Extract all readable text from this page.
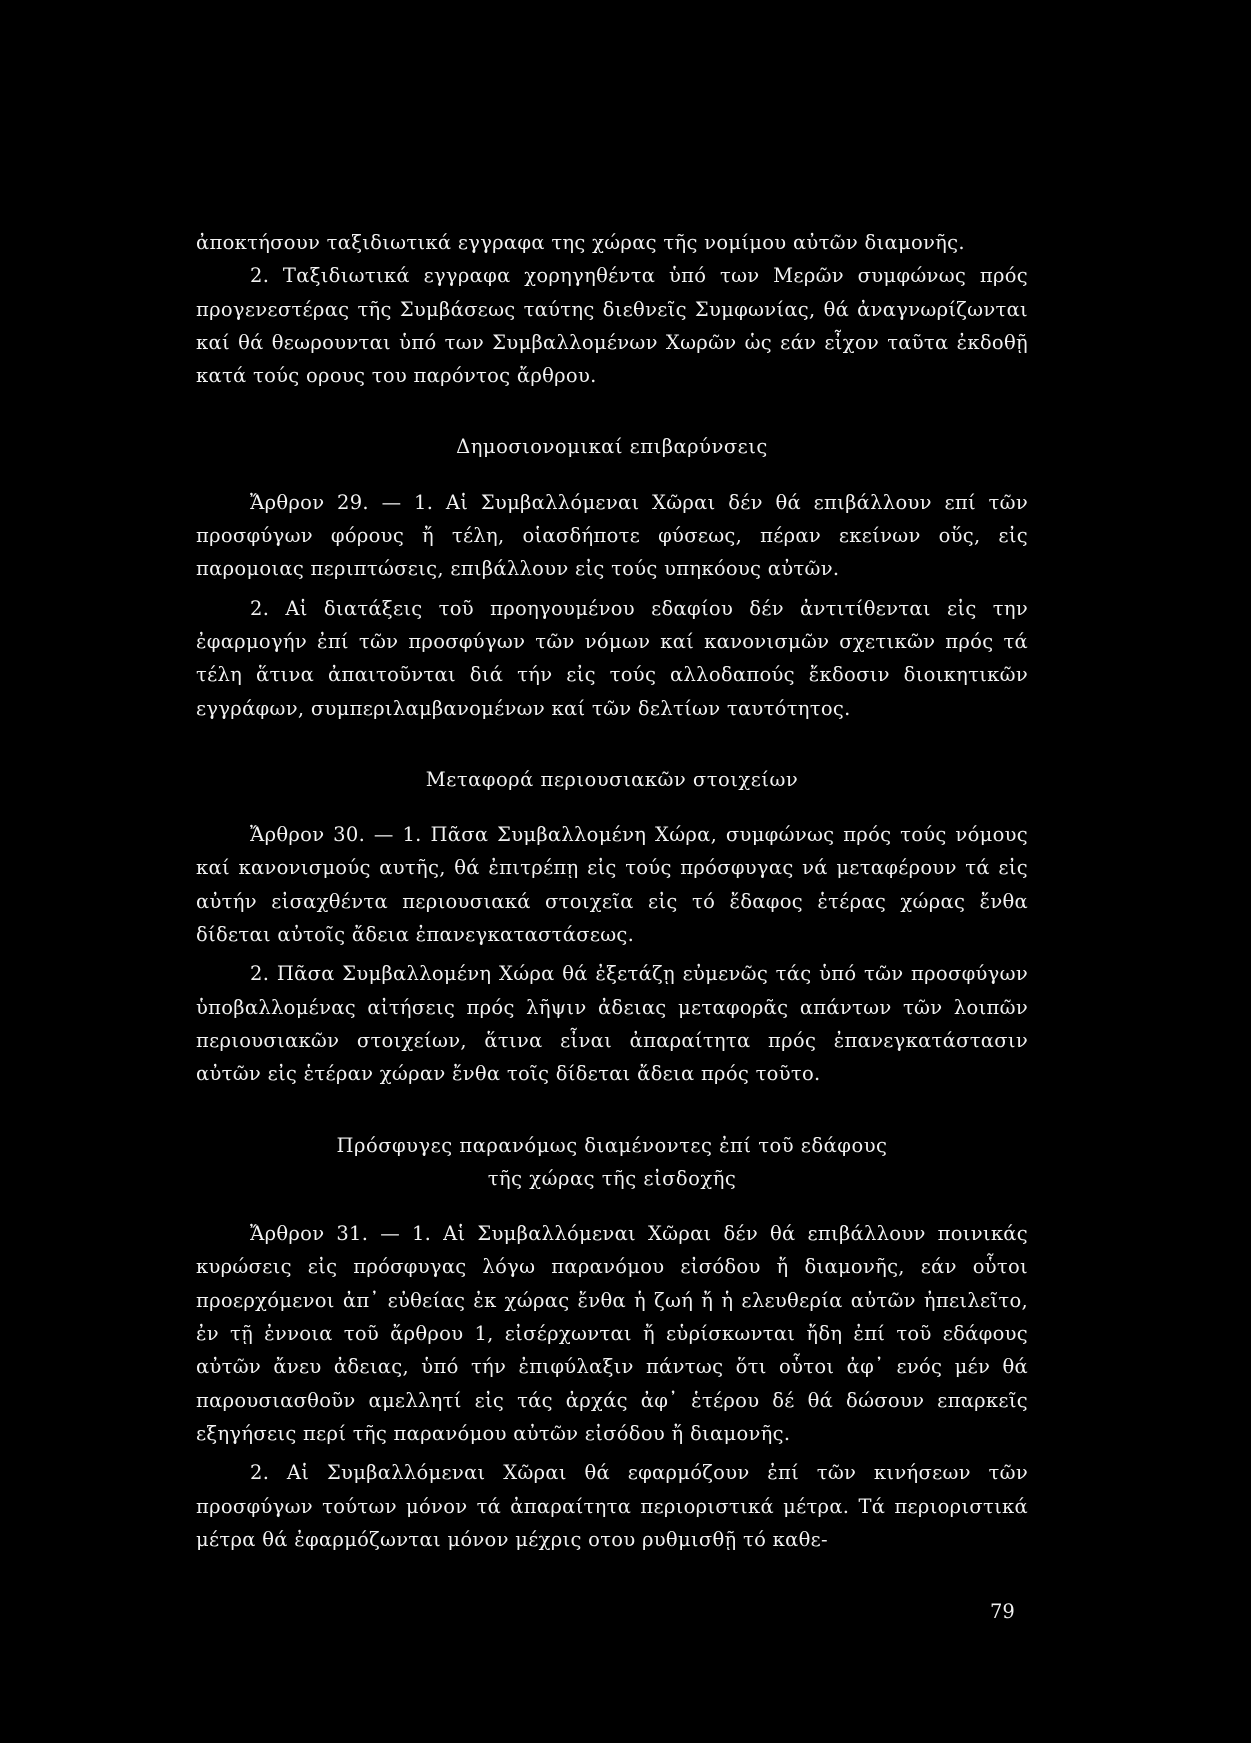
ἀποκτήσουν ταξιδιωτικά εγγραφα της χώρας τῆς νομίμου αὐτῶν διαμονῆς.

2. Ταξιδιωτικά εγγραφα χορηγηθέντα ὑπό των Μερῶν συμφώνως πρός προγενεστέρας τῆς Συμβάσεως ταύτης διεθνεῖς Συμφωνίας, θά ἀναγνωρίζωνται καί θά θεωρουνται ὑπό των Συμβαλλομένων Χωρῶν ὡς εάν εἶχον ταῦτα ἐκδοθῇ κατά τούς ορους του παρόντος ἄρθρου.

Δημοσιονομικαί επιβαρύνσεις

Ἄρθρον 29. — 1. Αἱ Συμβαλλόμεναι Χῶραι δέν θά επιβάλλουν επί τῶν προσφύγων φόρους ἤ τέλη, οἱασδήποτε φύσεως, πέραν εκείνων οὕς, εἰς παρομοιας περιπτώσεις, επιβάλλουν εἰς τούς υπηκόους αὐτῶν.

2. Αἱ διατάξεις τοῦ προηγουμένου εδαφίου δέν ἀντιτίθενται εἰς την ἐφαρμογήν ἐπί τῶν προσφύγων τῶν νόμων καί κανονισμῶν σχετικῶν πρός τά τέλη ἅτινα ἀπαιτοῦνται διά τήν εἰς τούς αλλοδαπούς ἔκδοσιν διοικητικῶν εγγράφων, συμπεριλαμβανομένων καί τῶν δελτίων ταυτότητος.

Μεταφορά περιουσιακῶν στοιχείων

Ἄρθρον 30. — 1. Πᾶσα Συμβαλλομένη Χώρα, συμφώνως πρός τούς νόμους καί κανονισμούς αυτῆς, θά ἐπιτρέπῃ εἰς τούς πρόσφυγας νά μεταφέρουν τά εἰς αὐτήν εἰσαχθέντα περιουσιακά στοιχεῖα εἰς τό ἔδαφος ἑτέρας χώρας ἔνθα δίδεται αὐτοῖς ἄδεια ἐπανεγκαταστάσεως.

2. Πᾶσα Συμβαλλομένη Χώρα θά ἐξετάζῃ εὐμενῶς τάς ὑπό τῶν προσφύγων ὑποβαλλομένας αἰτήσεις πρός λῆψιν ἀδειας μεταφορᾶς απάντων τῶν λοιπῶν περιουσιακῶν στοιχείων, ἅτινα εἶναι ἀπαραίτητα πρός ἐπανεγκατάστασιν αὐτῶν εἰς ἑτέραν χώραν ἔνθα τοῖς δίδεται ἄδεια πρός τοῦτο.

Πρόσφυγες παρανόμως διαμένοντες ἐπί τοῦ εδάφους

τῆς χώρας τῆς εἰσδοχῆς

Ἄρθρον 31. — 1. Αἱ Συμβαλλόμεναι Χῶραι δέν θά επιβάλλουν ποινικάς κυρώσεις εἰς πρόσφυγας λόγω παρανόμου εἰσόδου ἤ διαμονῆς, εάν οὗτοι προερχόμενοι ἀπ᾽ εὐθείας ἐκ χώρας ἔνθα ἡ ζωή ἤ ἡ ελευθερία αὐτῶν ἠπειλεῖτο, ἐν τῇ ἐννοια τοῦ ἄρθρου 1, εἰσέρχωνται ἤ εὑρίσκωνται ἤδη ἐπί τοῦ εδάφους αὐτῶν ἄνευ ἀδειας, ὑπό τήν ἐπιφύλαξιν πάντως ὅτι οὗτοι ἀφ᾽ ενός μέν θά παρουσιασθοῦν αμελλητί εἰς τάς ἀρχάς ἀφ᾽ ἑτέρου δέ θά δώσουν επαρκεῖς εξηγήσεις περί τῆς παρανόμου αὐτῶν εἰσόδου ἤ διαμονῆς.

2. Αἱ Συμβαλλόμεναι Χῶραι θά εφαρμόζουν ἐπί τῶν κινήσεων τῶν προσφύγων τούτων μόνον τά ἀπαραίτητα περιοριστικά μέτρα. Τά περιοριστικά μέτρα θά ἐφαρμόζωνται μόνον μέχρις οτου ρυθμισθῇ τό καθε-

79
